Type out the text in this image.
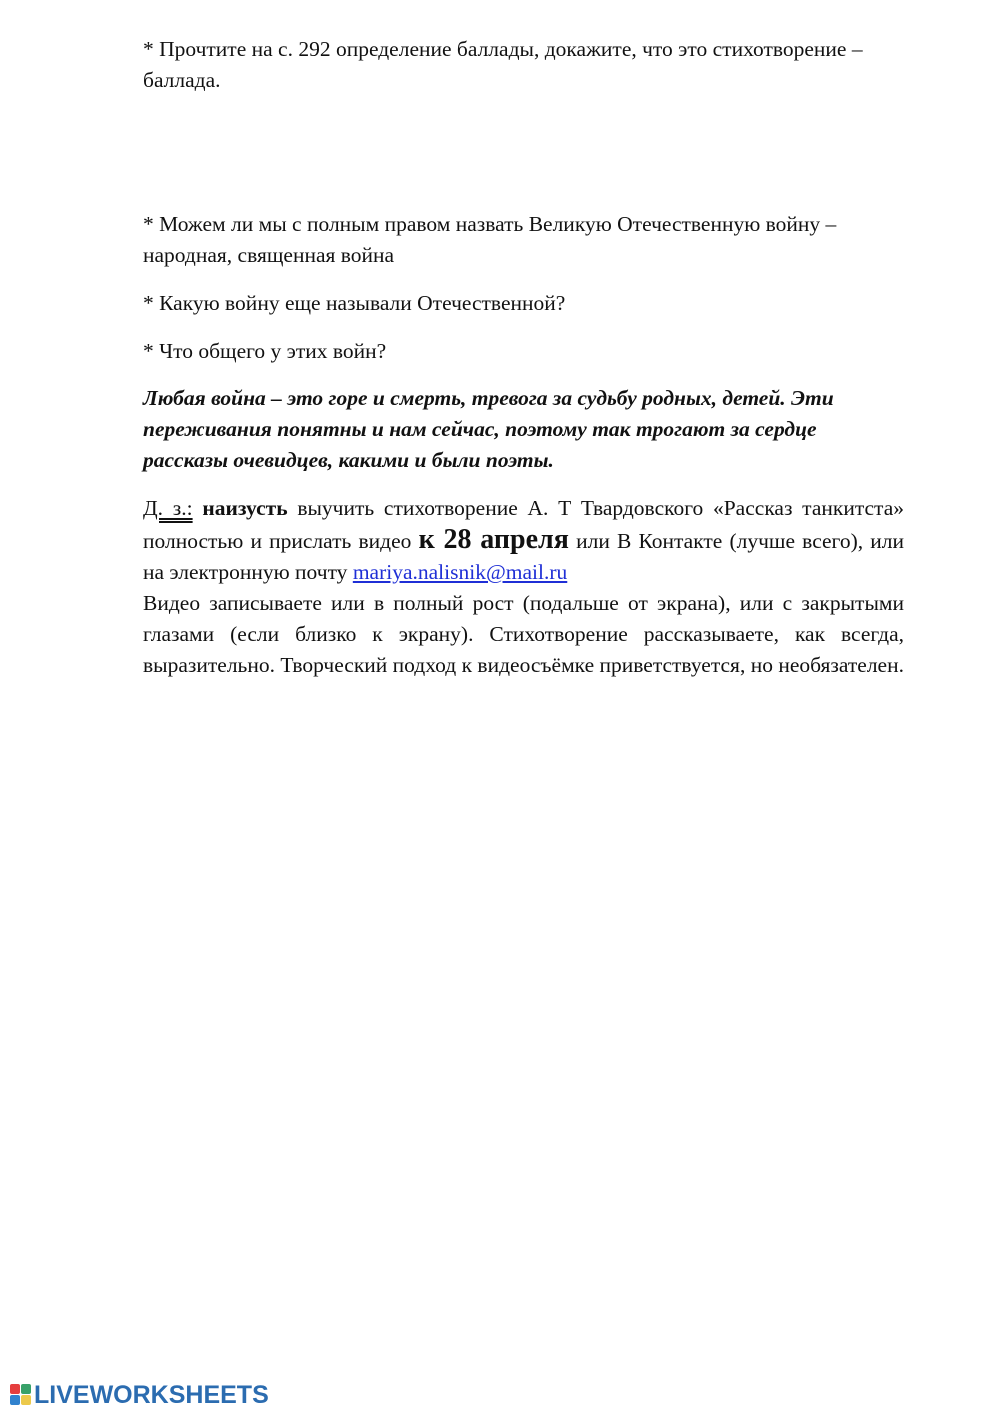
* Прочтите на с. 292 определение баллады, докажите, что это стихотворение – баллада.

* Можем ли мы с полным правом назвать Великую Отечественную войну – народная, священная война

* Какую войну еще называли Отечественной?

* Что общего у этих войн?

Любая война – это горе и смерть, тревога за судьбу родных, детей. Эти переживания понятны и нам сейчас, поэтому так трогают за сердце рассказы очевидцев, какими и были поэты.

Д. з.: наизусть выучить стихотворение А. Т Твардовского «Рассказ танкитста» полностью и прислать видео к 28 апреля или В Контакте (лучше всего), или на электронную почту mariya.nalisnik@mail.ru

Видео записываете или в полный рост (подальше от экрана), или с закрытыми глазами (если близко к экрану). Стихотворение рассказываете, как всегда, выразительно. Творческий подход к видеосъёмке приветствуется, но необязателен.

LIVEWORKSHEETS
